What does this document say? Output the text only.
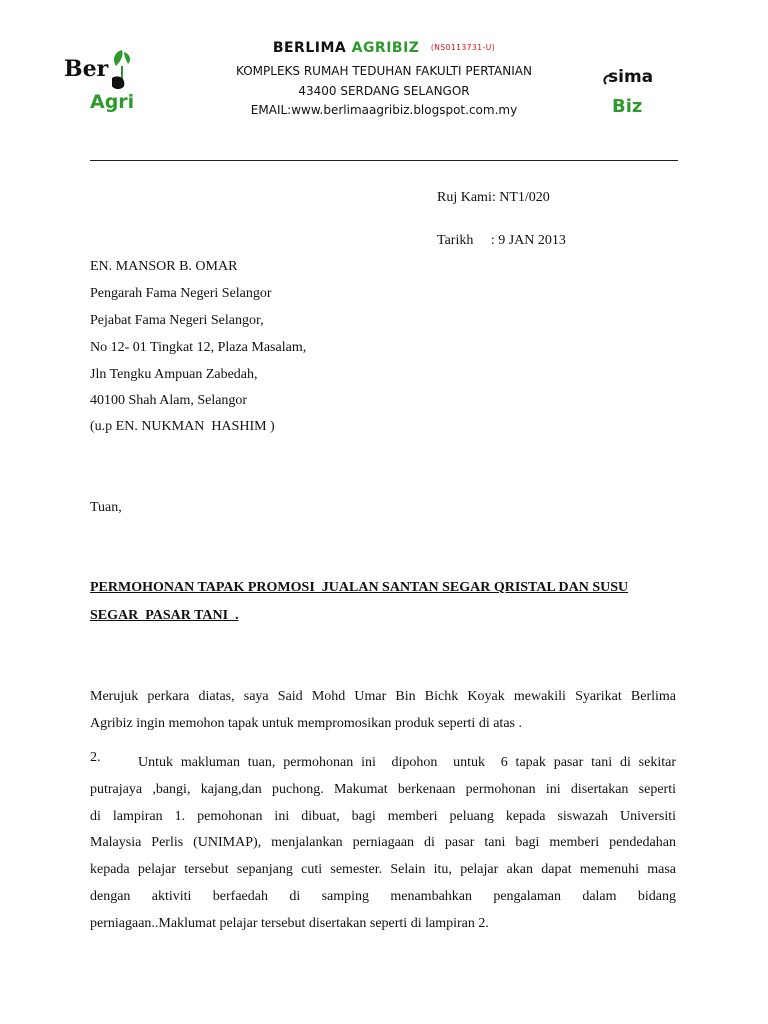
Ber
Agri
sima
Biz
BERLIMA AGRIBIZ (NS0113731-U)
KOMPLEKS RUMAH TEDUHAN FAKULTI PERTANIAN
43400 SERDANG SELANGOR
EMAIL:www.berlimaagribiz.blogspot.com.my
Ruj Kami: NT1/020
Tarikh     : 9 JAN 2013
EN. MANSOR B. OMAR
Pengarah Fama Negeri Selangor
Pejabat Fama Negeri Selangor,
No 12- 01 Tingkat 12, Plaza Masalam,
Jln Tengku Ampuan Zabedah,
40100 Shah Alam, Selangor
(u.p EN. NUKMAN  HASHIM )
Tuan,
PERMOHONAN TAPAK PROMOSI  JUALAN SANTAN SEGAR QRISTAL DAN SUSU
SEGAR  PASAR TANI  .
Merujuk perkara diatas, saya Said Mohd Umar Bin Bichk Koyak mewakili Syarikat Berlima
Agribiz ingin memohon tapak untuk mempromosikan produk seperti di atas .
2.	Untuk makluman tuan, permohonan ini  dipohon  untuk  6 tapak pasar tani di sekitar
putrajaya ,bangi, kajang,dan puchong. Makumat berkenaan permohonan ini disertakan seperti
di lampiran 1. pemohonan ini dibuat, bagi memberi peluang kepada siswazah Universiti
Malaysia Perlis (UNIMAP), menjalankan perniagaan di pasar tani bagi memberi pendedahan
kepada pelajar tersebut sepanjang cuti semester. Selain itu, pelajar akan dapat memenuhi masa
dengan aktiviti berfaedah di samping menambahkan pengalaman dalam bidang
perniagaan..Maklumat pelajar tersebut disertakan seperti di lampiran 2.
